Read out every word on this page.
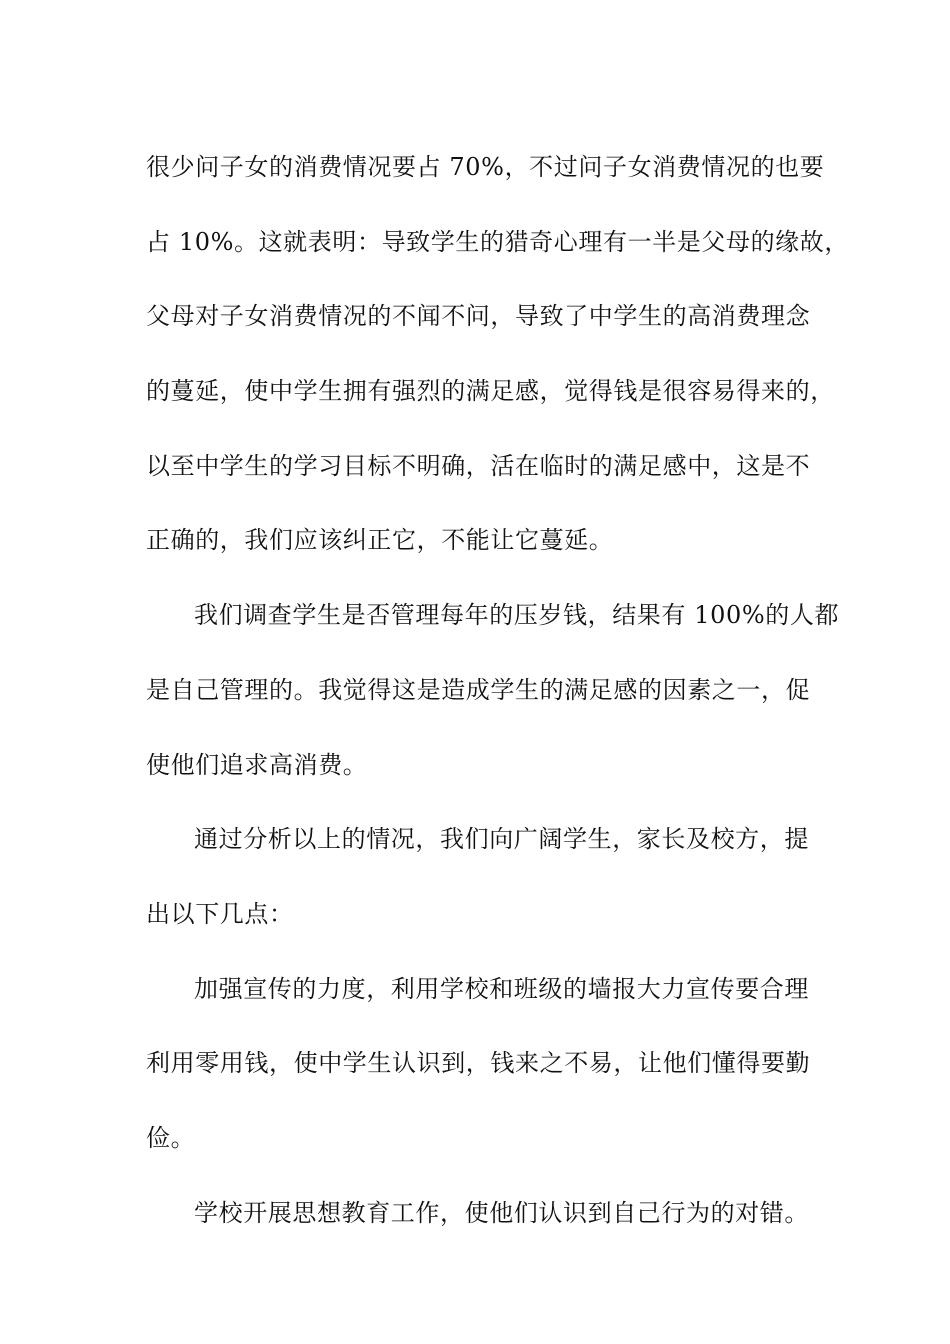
很少问子女的消费情况要占 70%，不过问子女消费情况的也要
占 10%。这就表明：导致学生的猎奇心理有一半是父母的缘故，
父母对子女消费情况的不闻不问，导致了中学生的高消费理念
的蔓延，使中学生拥有强烈的满足感，觉得钱是很容易得来的，
以至中学生的学习目标不明确，活在临时的满足感中，这是不
正确的，我们应该纠正它，不能让它蔓延。
我们调查学生是否管理每年的压岁钱，结果有 100%的人都
是自己管理的。我觉得这是造成学生的满足感的因素之一，促
使他们追求高消费。
通过分析以上的情况，我们向广阔学生，家长及校方，提
出以下几点：
加强宣传的力度，利用学校和班级的墙报大力宣传要合理
利用零用钱，使中学生认识到，钱来之不易，让他们懂得要勤
俭。
学校开展思想教育工作，使他们认识到自己行为的对错。
